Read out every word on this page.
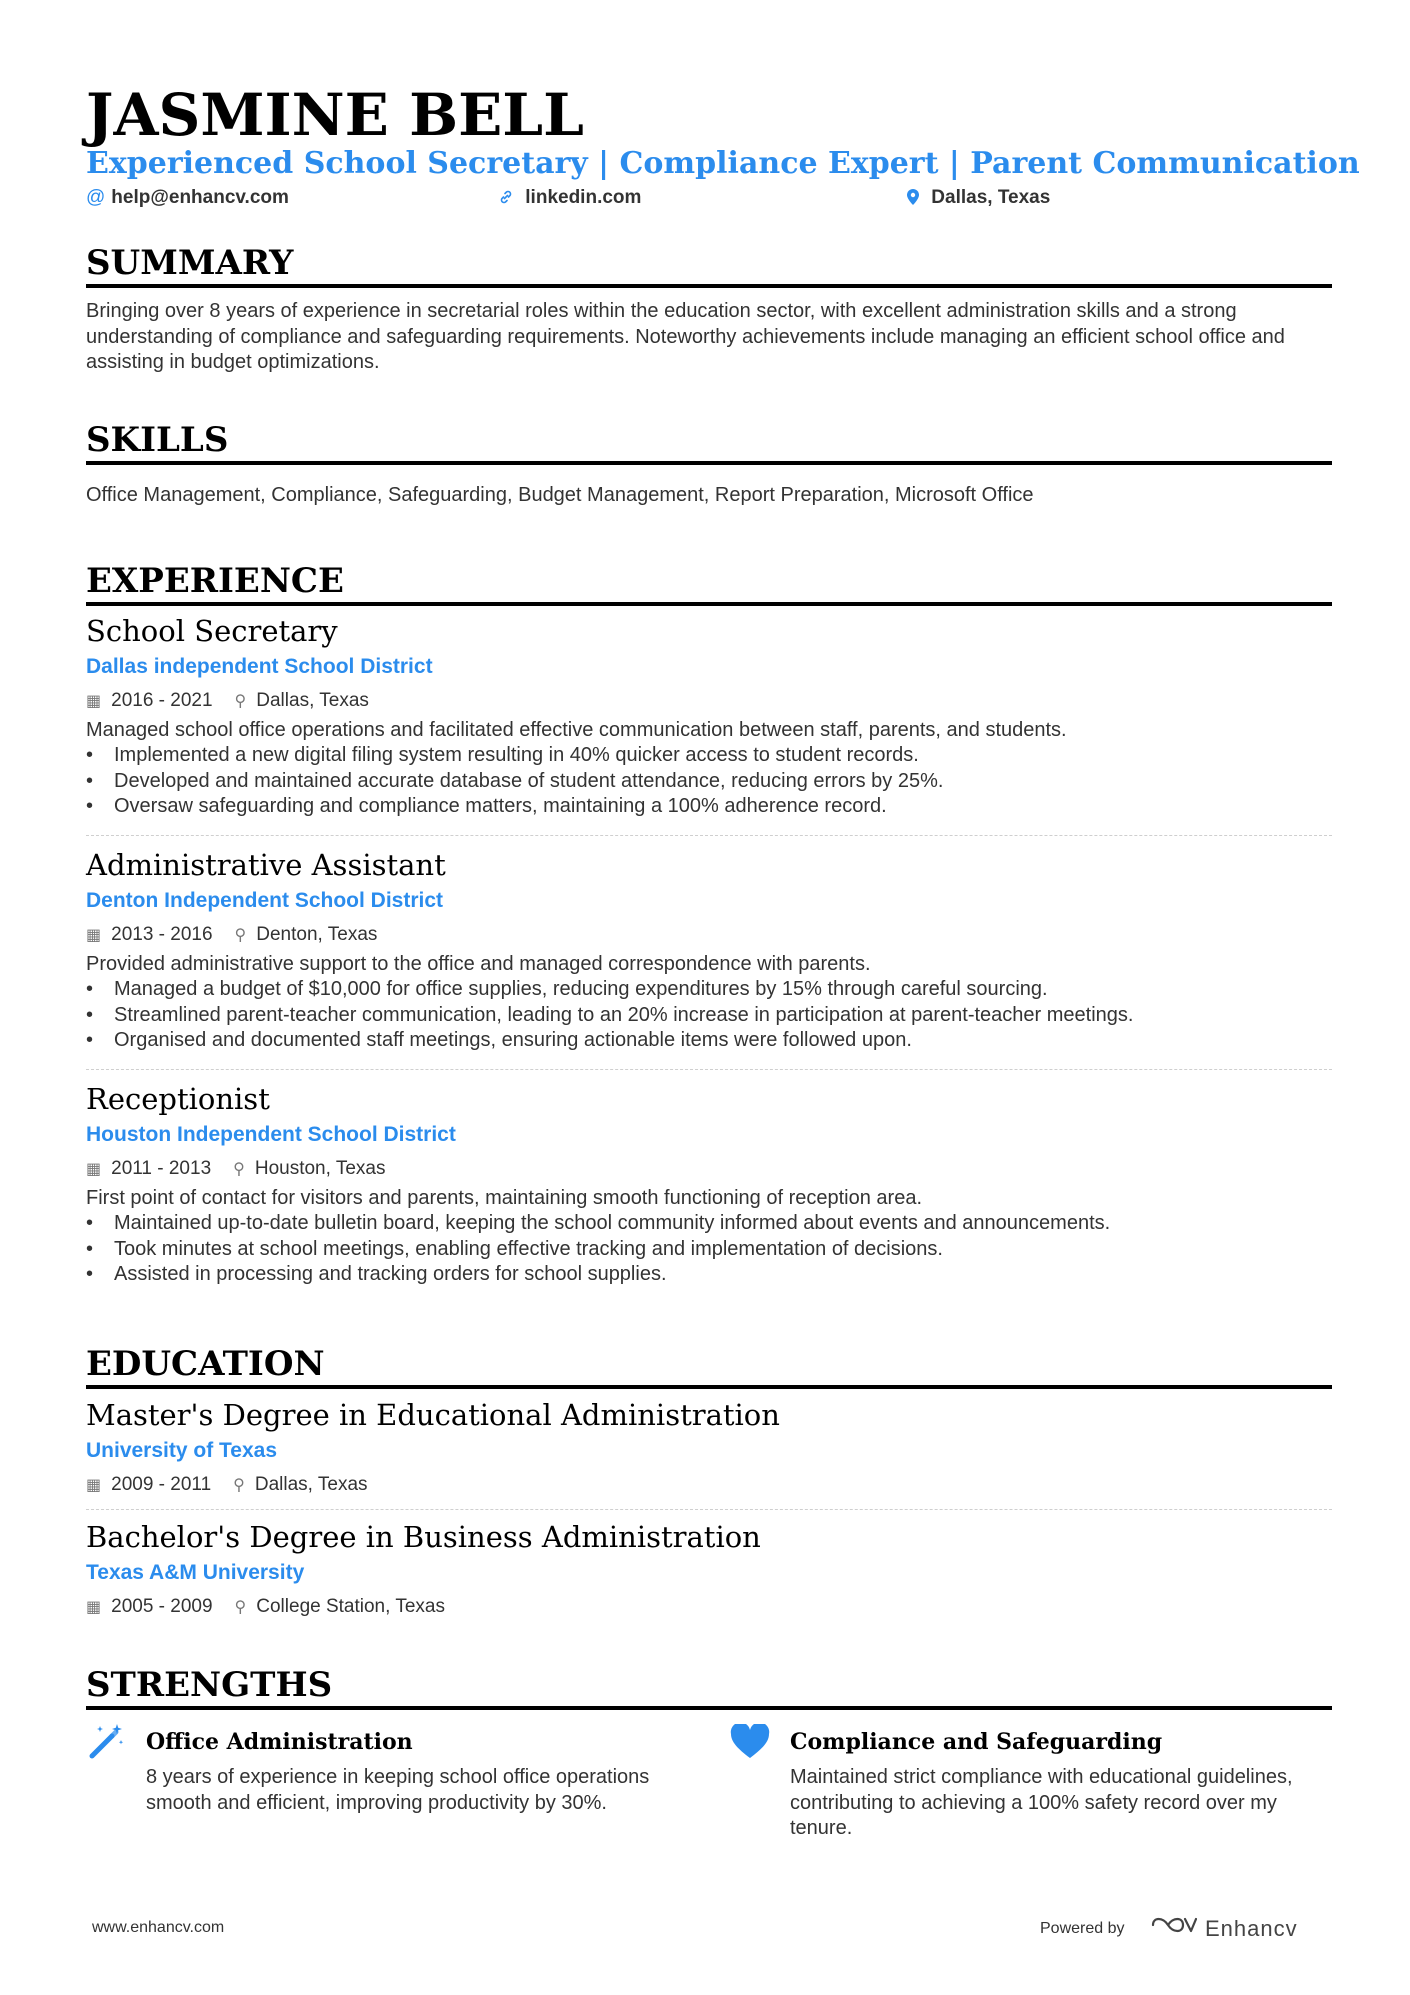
JASMINE BELL
Experienced School Secretary | Compliance Expert | Parent Communication
@ help@enhancv.com	linkedin.com	Dallas, Texas
SUMMARY
Bringing over 8 years of experience in secretarial roles within the education sector, with excellent administration skills and a strong understanding of compliance and safeguarding requirements. Noteworthy achievements include managing an efficient school office and assisting in budget optimizations.
SKILLS
Office Management, Compliance, Safeguarding, Budget Management, Report Preparation, Microsoft Office
EXPERIENCE
School Secretary
Dallas independent School District
▦ 2016 - 2021 ⚲ Dallas, Texas
Managed school office operations and facilitated effective communication between staff, parents, and students.
• Implemented a new digital filing system resulting in 40% quicker access to student records.
• Developed and maintained accurate database of student attendance, reducing errors by 25%.
• Oversaw safeguarding and compliance matters, maintaining a 100% adherence record.
Administrative Assistant
Denton Independent School District
▦ 2013 - 2016 ⚲ Denton, Texas
Provided administrative support to the office and managed correspondence with parents.
• Managed a budget of $10,000 for office supplies, reducing expenditures by 15% through careful sourcing.
• Streamlined parent-teacher communication, leading to an 20% increase in participation at parent-teacher meetings.
• Organised and documented staff meetings, ensuring actionable items were followed upon.
Receptionist
Houston Independent School District
▦ 2011 - 2013 ⚲ Houston, Texas
First point of contact for visitors and parents, maintaining smooth functioning of reception area.
• Maintained up-to-date bulletin board, keeping the school community informed about events and announcements.
• Took minutes at school meetings, enabling effective tracking and implementation of decisions.
• Assisted in processing and tracking orders for school supplies.
EDUCATION
Master's Degree in Educational Administration
University of Texas
▦ 2009 - 2011 ⚲ Dallas, Texas
Bachelor's Degree in Business Administration
Texas A&M University
▦ 2005 - 2009 ⚲ College Station, Texas
STRENGTHS
Office Administration
8 years of experience in keeping school office operations smooth and efficient, improving productivity by 30%.
Compliance and Safeguarding
Maintained strict compliance with educational guidelines, contributing to achieving a 100% safety record over my tenure.
www.enhancv.com	Powered by	Enhancv
